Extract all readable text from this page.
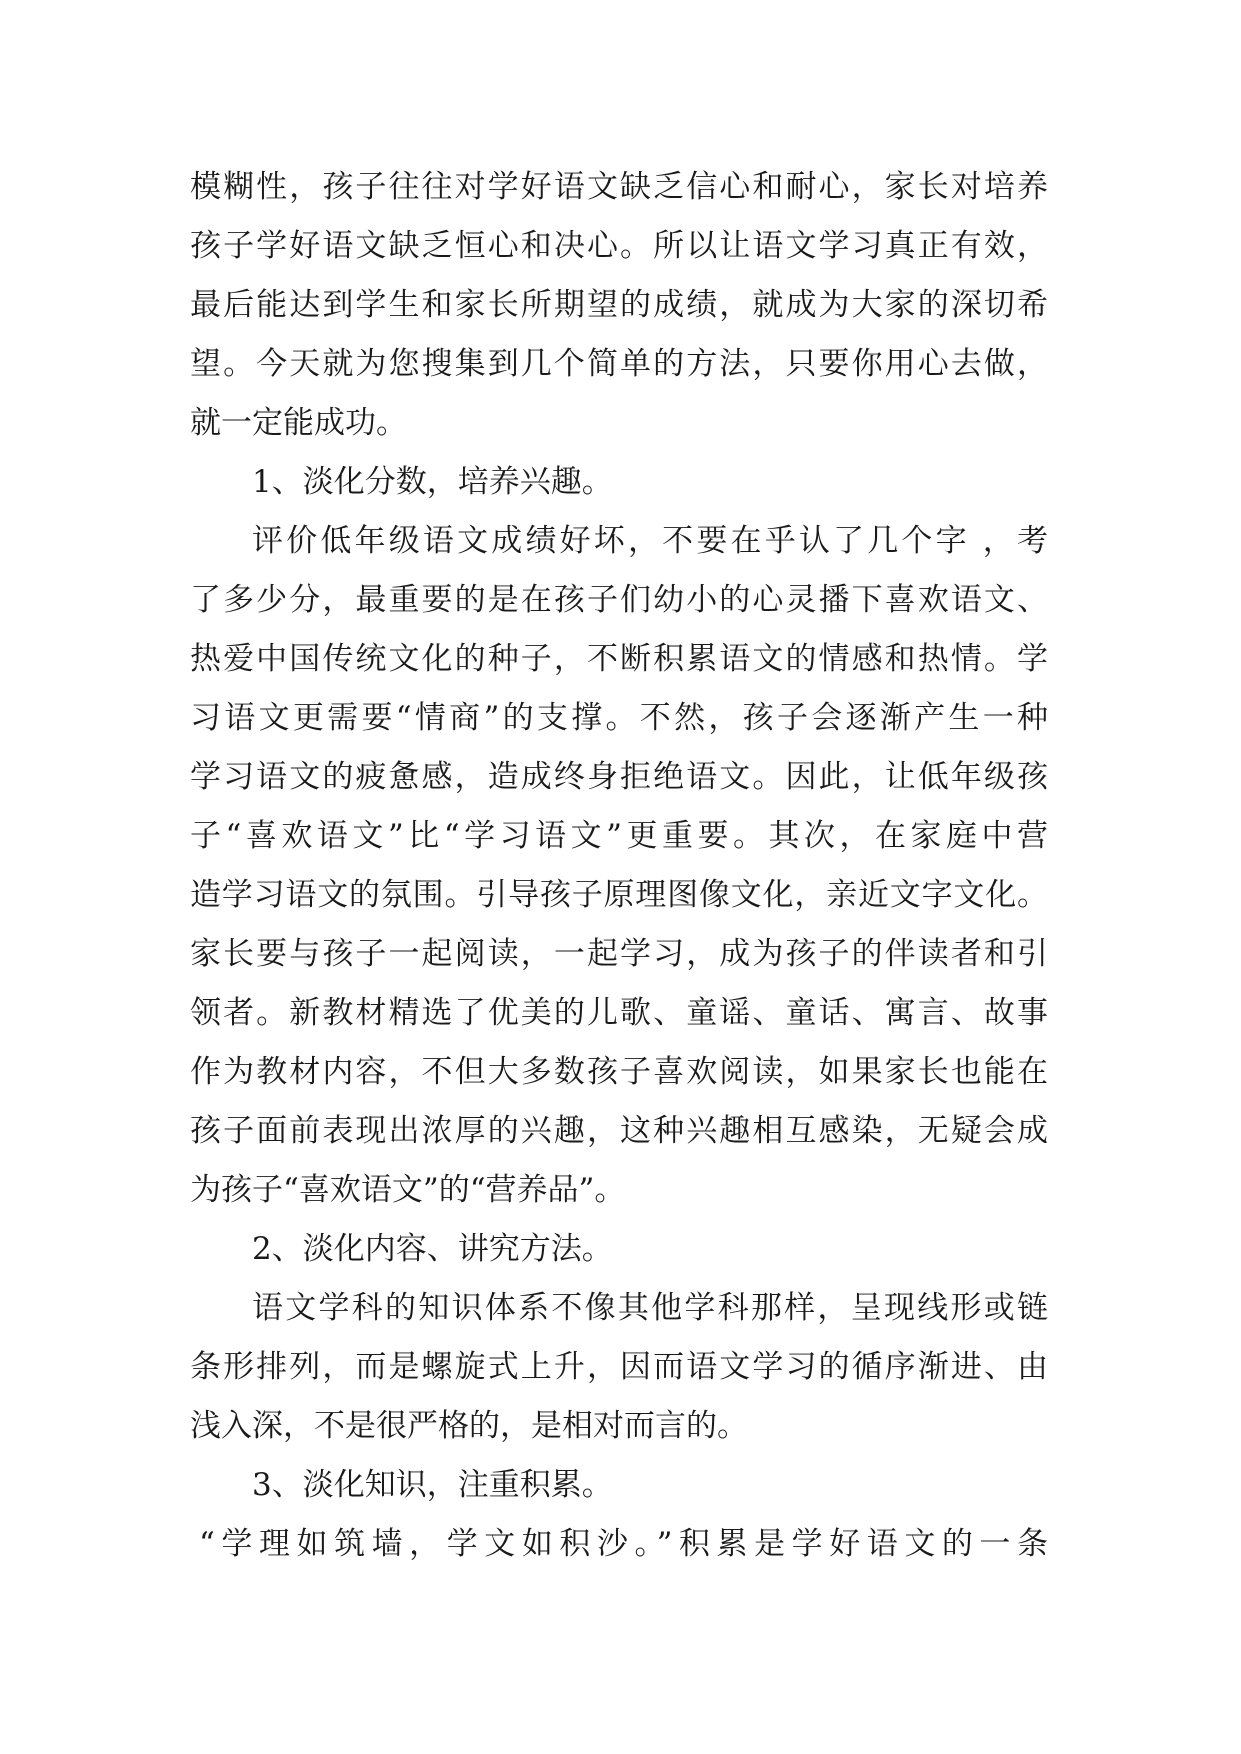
模糊性，孩子往往对学好语文缺乏信心和耐心，家长对培养
孩子学好语文缺乏恒心和决心。所以让语文学习真正有效，
最后能达到学生和家长所期望的成绩，就成为大家的深切希
望。今天就为您搜集到几个简单的方法，只要你用心去做，
就一定能成功。
1、淡化分数，培养兴趣。
评价低年级语文成绩好坏，不要在乎认了几个字 ，考
了多少分，最重要的是在孩子们幼小的心灵播下喜欢语文、
热爱中国传统文化的种子，不断积累语文的情感和热情。学
习语文更需要“情商”的支撑。不然，孩子会逐渐产生一种
学习语文的疲惫感，造成终身拒绝语文。因此，让低年级孩
子“喜欢语文”比“学习语文”更重要。其次，在家庭中营
造学习语文的氛围。引导孩子原理图像文化，亲近文字文化。
家长要与孩子一起阅读，一起学习，成为孩子的伴读者和引
领者。新教材精选了优美的儿歌、童谣、童话、寓言、故事
作为教材内容，不但大多数孩子喜欢阅读，如果家长也能在
孩子面前表现出浓厚的兴趣，这种兴趣相互感染，无疑会成
为孩子“喜欢语文”的“营养品”。
2、淡化内容、讲究方法。
语文学科的知识体系不像其他学科那样，呈现线形或链
条形排列，而是螺旋式上升，因而语文学习的循序渐进、由
浅入深，不是很严格的，是相对而言的。
3、淡化知识，注重积累。
“学理如筑墙，学文如积沙。”积累是学好语文的一条
